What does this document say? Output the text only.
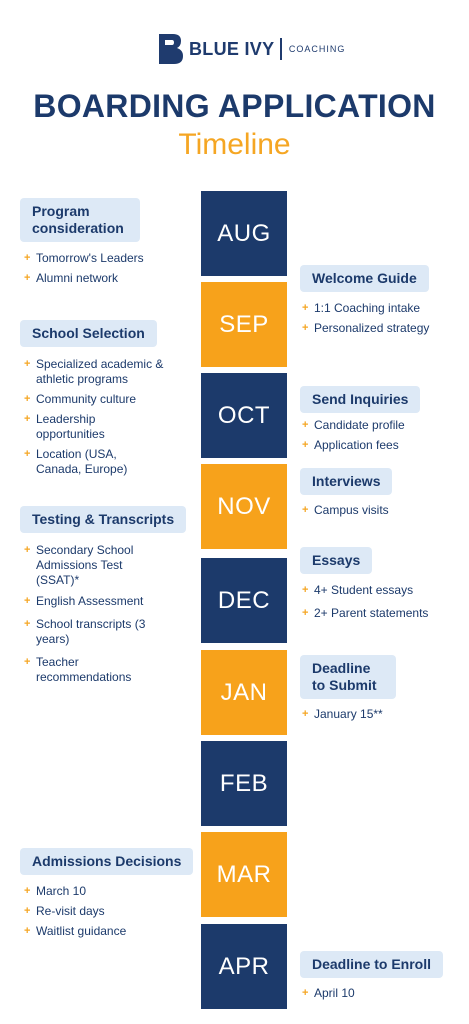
BLUE IVY COACHING
BOARDING APPLICATION
Timeline
AUG
SEP
OCT
NOV
DEC
JAN
FEB
MAR
APR
Program consideration
+ Tomorrow's Leaders
+ Alumni network
School Selection
+ Specialized academic & athletic programs
+ Community culture
+ Leadership opportunities
+ Location (USA, Canada, Europe)
Testing & Transcripts
+ Secondary School Admissions Test (SSAT)*
+ English Assessment
+ School transcripts (3 years)
+ Teacher recommendations
Admissions Decisions
+ March 10
+ Re-visit days
+ Waitlist guidance
Welcome Guide
+ 1:1 Coaching intake
+ Personalized strategy
Send Inquiries
+ Candidate profile
+ Application fees
Interviews
+ Campus visits
Essays
+ 4+ Student essays
+ 2+ Parent statements
Deadline to Submit
+ January 15**
Deadline to Enroll
+ April 10
